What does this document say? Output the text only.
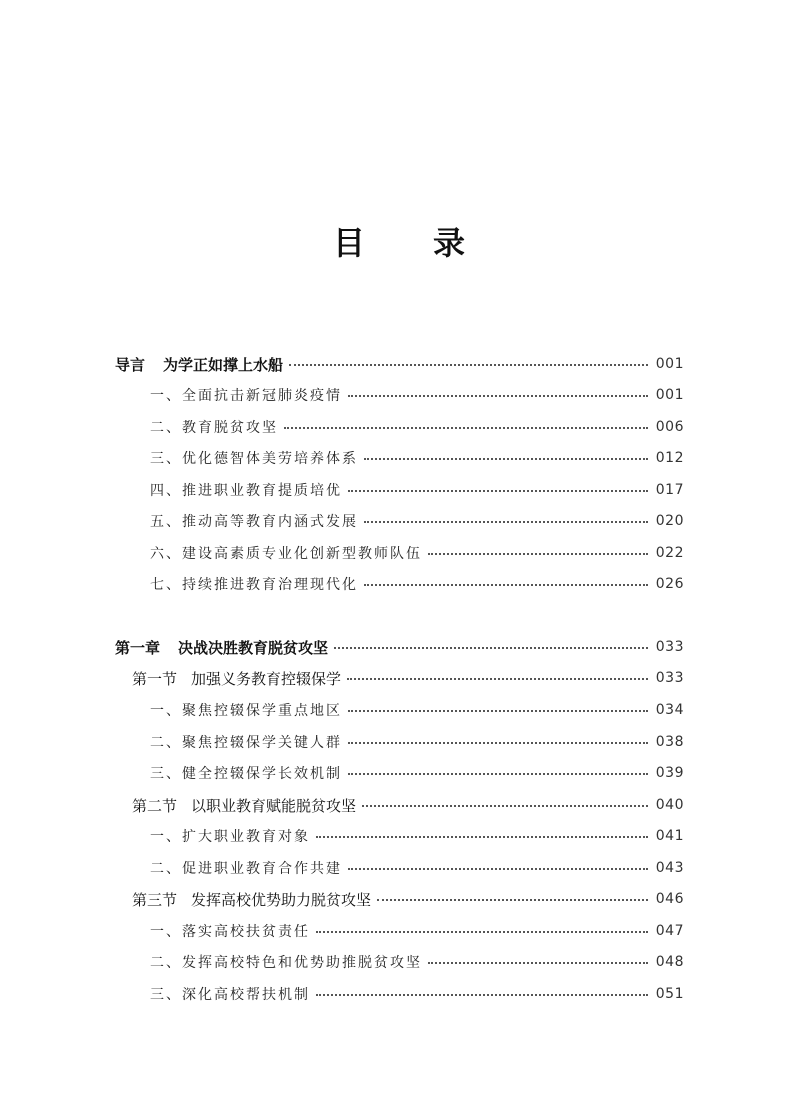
目 录
导言 为学正如撑上水船	001
一、全面抗击新冠肺炎疫情	001
二、教育脱贫攻坚	006
三、优化德智体美劳培养体系	012
四、推进职业教育提质培优	017
五、推动高等教育内涵式发展	020
六、建设高素质专业化创新型教师队伍	022
七、持续推进教育治理现代化	026
第一章 决战决胜教育脱贫攻坚	033
第一节 加强义务教育控辍保学	033
一、聚焦控辍保学重点地区	034
二、聚焦控辍保学关键人群	038
三、健全控辍保学长效机制	039
第二节 以职业教育赋能脱贫攻坚	040
一、扩大职业教育对象	041
二、促进职业教育合作共建	043
第三节 发挥高校优势助力脱贫攻坚	046
一、落实高校扶贫责任	047
二、发挥高校特色和优势助推脱贫攻坚	048
三、深化高校帮扶机制	051
